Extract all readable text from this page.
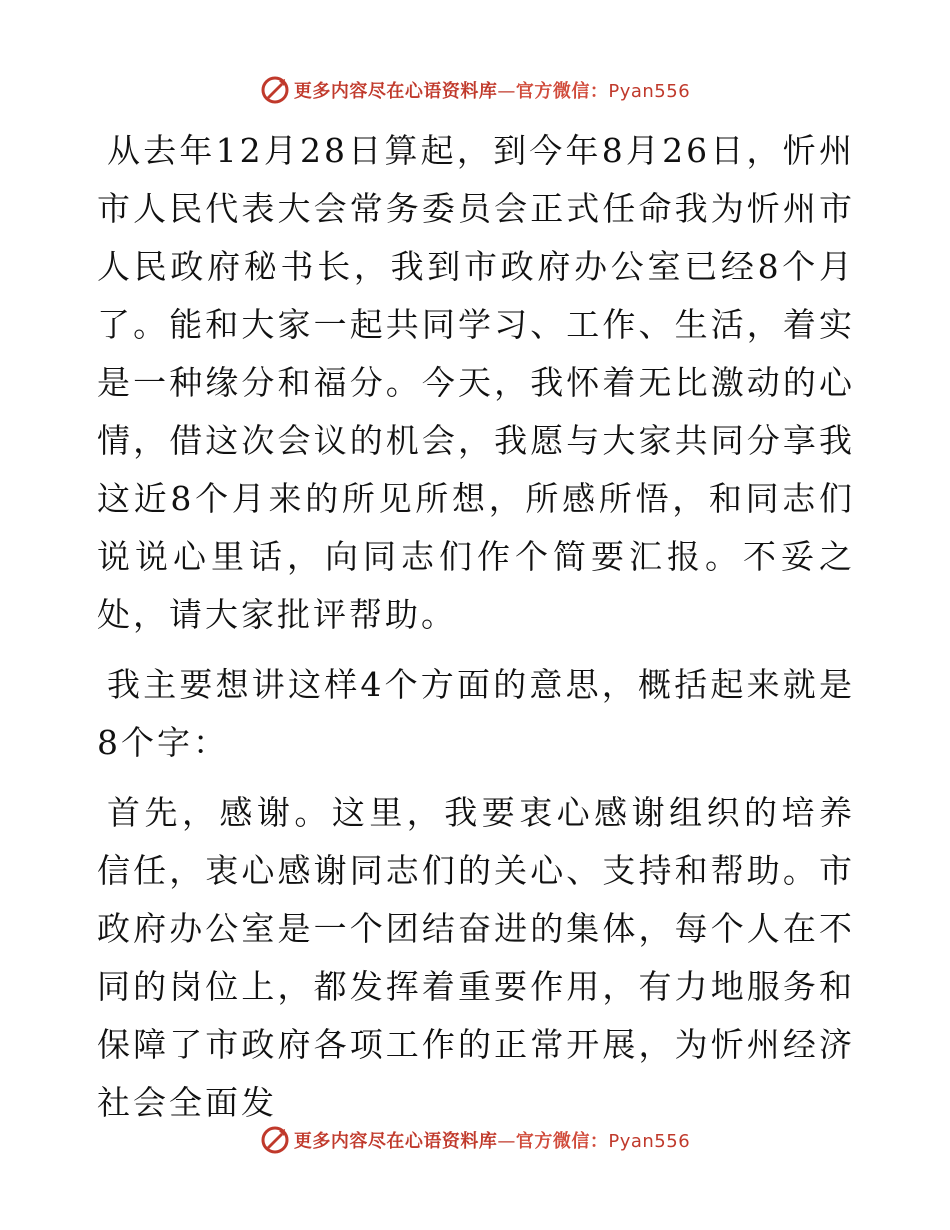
更多内容尽在心语资料库—官方微信：Pyan556

从去年12月28日算起，到今年8月26日，忻州市人民代表大会常务委员会正式任命我为忻州市人民政府秘书长，我到市政府办公室已经8个月了。能和大家一起共同学习、工作、生活，着实是一种缘分和福分。今天，我怀着无比激动的心情，借这次会议的机会，我愿与大家共同分享我这近8个月来的所见所想，所感所悟，和同志们说说心里话，向同志们作个简要汇报。不妥之处，请大家批评帮助。

我主要想讲这样4个方面的意思，概括起来就是8个字：

首先，感谢。这里，我要衷心感谢组织的培养信任，衷心感谢同志们的关心、支持和帮助。市政府办公室是一个团结奋进的集体，每个人在不同的岗位上，都发挥着重要作用，有力地服务和保障了市政府各项工作的正常开展，为忻州经济社会全面发

更多内容尽在心语资料库—官方微信：Pyan556
